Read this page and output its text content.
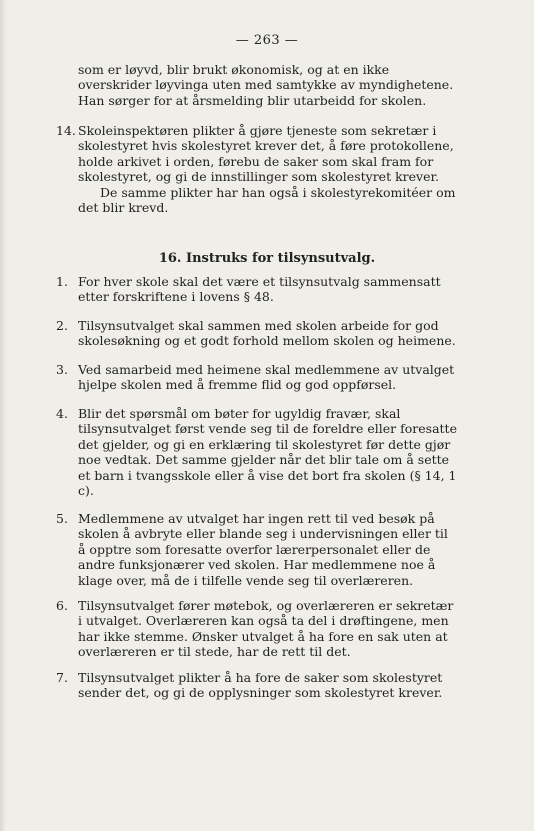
— 263 —

som er løyvd, blir brukt økonomisk, og at en ikke overskrider løyvinga uten med samtykke av myndighetene. Han sørger for at årsmelding blir utarbeidd for skolen.

14. Skoleinspektøren plikter å gjøre tjeneste som sekretær i skolestyret hvis skolestyret krever det, å føre protokollene, holde arkivet i orden, førebu de saker som skal fram for skolestyret, og gi de innstillinger som skolestyret krever.

De samme plikter har han også i skolestyrekomitéer om det blir krevd.

16. Instruks for tilsynsutvalg.
1. For hver skole skal det være et tilsynsutvalg sammensatt etter forskriftene i lovens § 48.

2. Tilsynsutvalget skal sammen med skolen arbeide for god skolesøkning og et godt forhold mellom skolen og heimene.

3. Ved samarbeid med heimene skal medlemmene av utvalget hjelpe skolen med å fremme flid og god oppførsel.

4. Blir det spørsmål om bøter for ugyldig fravær, skal tilsynsutvalget først vende seg til de foreldre eller foresatte det gjelder, og gi en erklæring til skolestyret før dette gjør noe vedtak. Det samme gjelder når det blir tale om å sette et barn i tvangsskole eller å vise det bort fra skolen (§ 14, 1 c).

5. Medlemmene av utvalget har ingen rett til ved besøk på skolen å avbryte eller blande seg i undervisningen eller til å opptre som foresatte overfor lærerpersonalet eller de andre funksjonærer ved skolen. Har medlemmene noe å klage over, må de i tilfelle vende seg til overlæreren.

6. Tilsynsutvalget fører møtebok, og overlæreren er sekretær i utvalget. Overlæreren kan også ta del i drøftingene, men har ikke stemme. Ønsker utvalget å ha fore en sak uten at overlæreren er til stede, har de rett til det.

7. Tilsynsutvalget plikter å ha fore de saker som skolestyret sender det, og gi de opplysninger som skolestyret krever.
